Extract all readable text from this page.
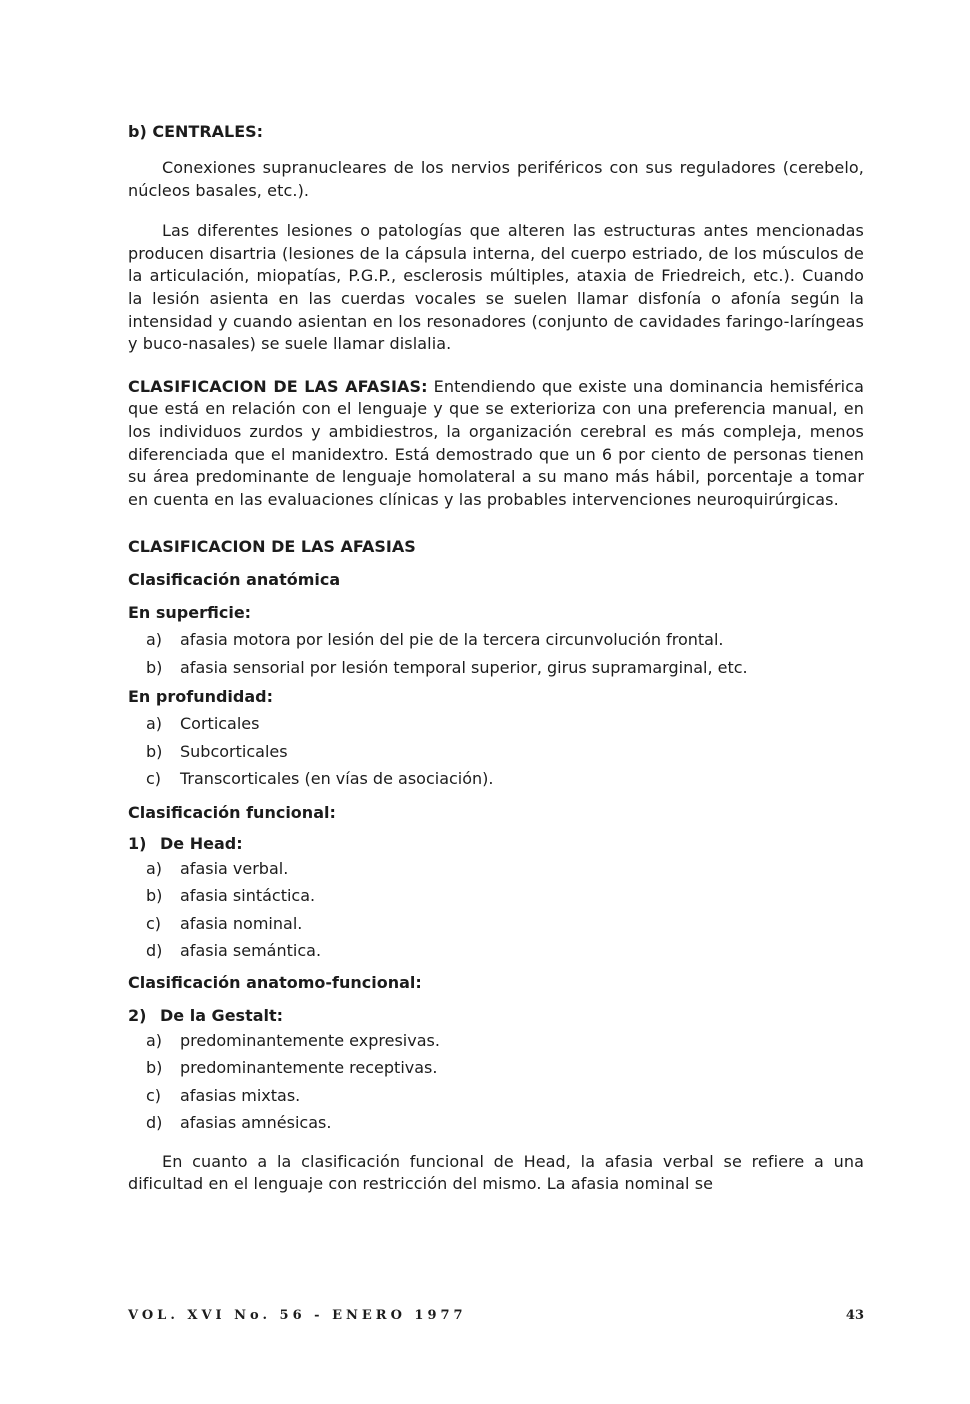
b) CENTRALES:

Conexiones supranucleares de los nervios periféricos con sus reguladores (cerebelo, núcleos basales, etc.).

Las diferentes lesiones o patologías que alteren las estructuras antes mencionadas producen disartria (lesiones de la cápsula interna, del cuerpo estriado, de los músculos de la articulación, miopatías, P.G.P., esclerosis múltiples, ataxia de Friedreich, etc.). Cuando la lesión asienta en las cuerdas vocales se suelen llamar disfonía o afonía según la intensidad y cuando asientan en los resonadores (conjunto de cavidades faringo-laríngeas y buco-nasales) se suele llamar dislalia.

CLASIFICACION DE LAS AFASIAS: Entendiendo que existe una dominancia hemisférica que está en relación con el lenguaje y que se exterioriza con una preferencia manual, en los individuos zurdos y ambidiestros, la organización cerebral es más compleja, menos diferenciada que el manidextro. Está demostrado que un 6 por ciento de personas tienen su área predominante de lenguaje homolateral a su mano más hábil, porcentaje a tomar en cuenta en las evaluaciones clínicas y las probables intervenciones neuroquirúrgicas.

CLASIFICACION DE LAS AFASIAS

Clasificación anatómica

En superficie:

a) afasia motora por lesión del pie de la tercera circunvolución frontal.
b) afasia sensorial por lesión temporal superior, girus supramarginal, etc.

En profundidad:

a) Corticales
b) Subcorticales
c) Transcorticales (en vías de asociación).

Clasificación funcional:

1) De Head:

a) afasia verbal.
b) afasia sintáctica.
c) afasia nominal.
d) afasia semántica.

Clasificación anatomo-funcional:

2) De la Gestalt:

a) predominantemente expresivas.
b) predominantemente receptivas.
c) afasias mixtas.
d) afasias amnésicas.

En cuanto a la clasificación funcional de Head, la afasia verbal se refiere a una dificultad en el lenguaje con restricción del mismo. La afasia nominal se

VOL. XVI No. 56 - ENERO 1977	43
